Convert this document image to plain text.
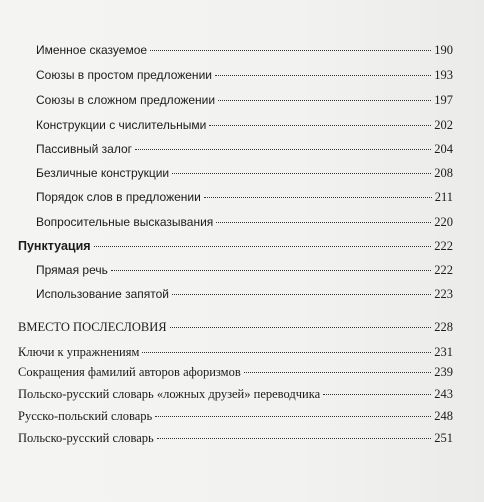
Именное сказуемое	190
Союзы в простом предложении	193
Союзы в сложном предложении	197
Конструкции с числительными	202
Пассивный залог	204
Безличные конструкции	208
Порядок слов в предложении	211
Вопросительные высказывания	220
Пунктуация	222
Прямая речь	222
Использование запятой	223
ВМЕСТО ПОСЛЕСЛОВИЯ	228
Ключи к упражнениям	231
Сокращения фамилий авторов афоризмов	239
Польско-русский словарь «ложных друзей» переводчика	243
Русско-польский словарь	248
Польско-русский словарь	251
